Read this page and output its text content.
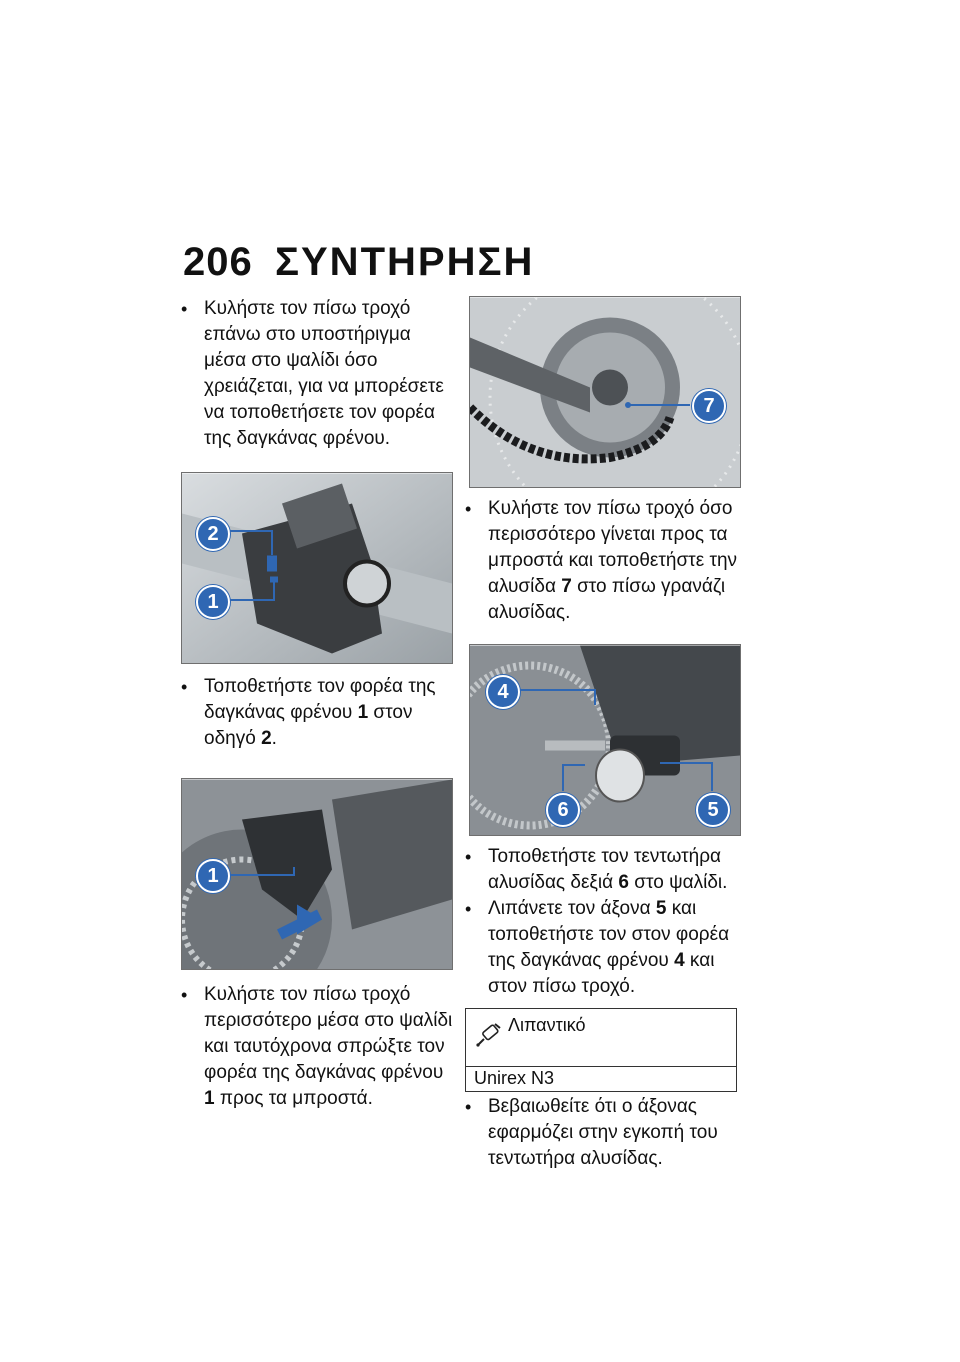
206 ΣΥΝΤΗΡΗΣΗ
• Κυλήστε τον πίσω τροχό επάνω στο υποστήριγμα μέσα στο ψαλίδι όσο χρειάζεται, για να μπορέσετε να τοποθετήσετε τον φορέα της δαγκάνας φρένου.
2
1
• Τοποθετήστε τον φορέα της δαγκάνας φρένου 1 στον οδηγό 2.
1
• Κυλήστε τον πίσω τροχό περισσότερο μέσα στο ψαλίδι και ταυτόχρονα σπρώξτε τον φορέα της δαγκάνας φρένου 1 προς τα μπροστά.
7
• Κυλήστε τον πίσω τροχό όσο περισσότερο γίνεται προς τα μπροστά και τοποθετήστε την αλυσίδα 7 στο πίσω γρανάζι αλυσίδας.
4
6	5
• Τοποθετήστε τον τεντωτήρα αλυσίδας δεξιά 6 στο ψαλίδι.
• Λιπάνετε τον άξονα 5 και τοποθετήστε τον στον φορέα της δαγκάνας φρένου 4 και στον πίσω τροχό.
Λιπαντικό
Unirex N3
• Βεβαιωθείτε ότι ο άξονας εφαρμόζει στην εγκοπή του τεντωτήρα αλυσίδας.
